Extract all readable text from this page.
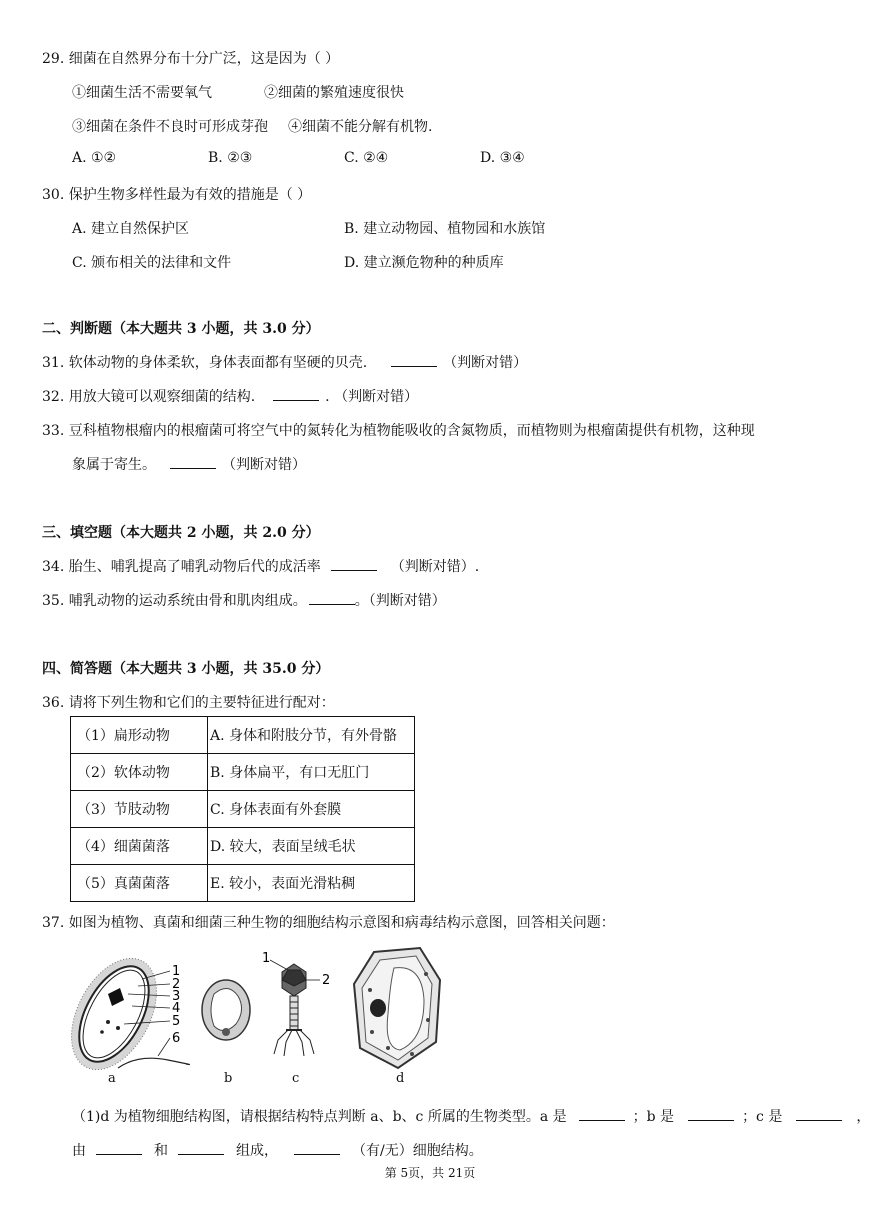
29. 细菌在自然界分布十分广泛，这是因为（ ）
①细菌生活不需要氧气	②细菌的繁殖速度很快
③细菌在条件不良时可形成芽孢 ④细菌不能分解有机物.
A. ①②	B. ②③	C. ②④	D. ③④
30. 保护生物多样性最为有效的措施是（ ）
A. 建立自然保护区	B. 建立动物园、植物园和水族馆
C. 颁布相关的法律和文件	D. 建立濒危物种的种质库
二、判断题（本大题共 3 小题，共 3.0 分）
31. 软体动物的身体柔软，身体表面都有坚硬的贝壳.	（判断对错）
32. 用放大镜可以观察细菌的结构.	. （判断对错）
33. 豆科植物根瘤内的根瘤菌可将空气中的氮转化为植物能吸收的含氮物质，而植物则为根瘤菌提供有机物，这种现
象属于寄生。	（判断对错）
三、填空题（本大题共 2 小题，共 2.0 分）
34. 胎生、哺乳提高了哺乳动物后代的成活率	（判断对错）.
35. 哺乳动物的运动系统由骨和肌肉组成。	。（判断对错）
四、简答题（本大题共 3 小题，共 35.0 分）
36. 请将下列生物和它们的主要特征进行配对：
（1）扁形动物	A. 身体和附肢分节，有外骨骼
（2）软体动物	B. 身体扁平，有口无肛门
（3）节肢动物	C. 身体表面有外套膜
（4）细菌菌落	D. 较大，表面呈绒毛状
（5）真菌菌落	E. 较小，表面光滑粘稠
37. 如图为植物、真菌和细菌三种生物的细胞结构示意图和病毒结构示意图，回答相关问题：
1
2
3
4
5
6
1
2
a	b	c	d
（1)d 为植物细胞结构图，请根据结构特点判断 a、b、c 所属的生物类型。a 是	；b 是	；c 是	，
由	和	组成，	（有/无）细胞结构。
第 5页，共 21页
